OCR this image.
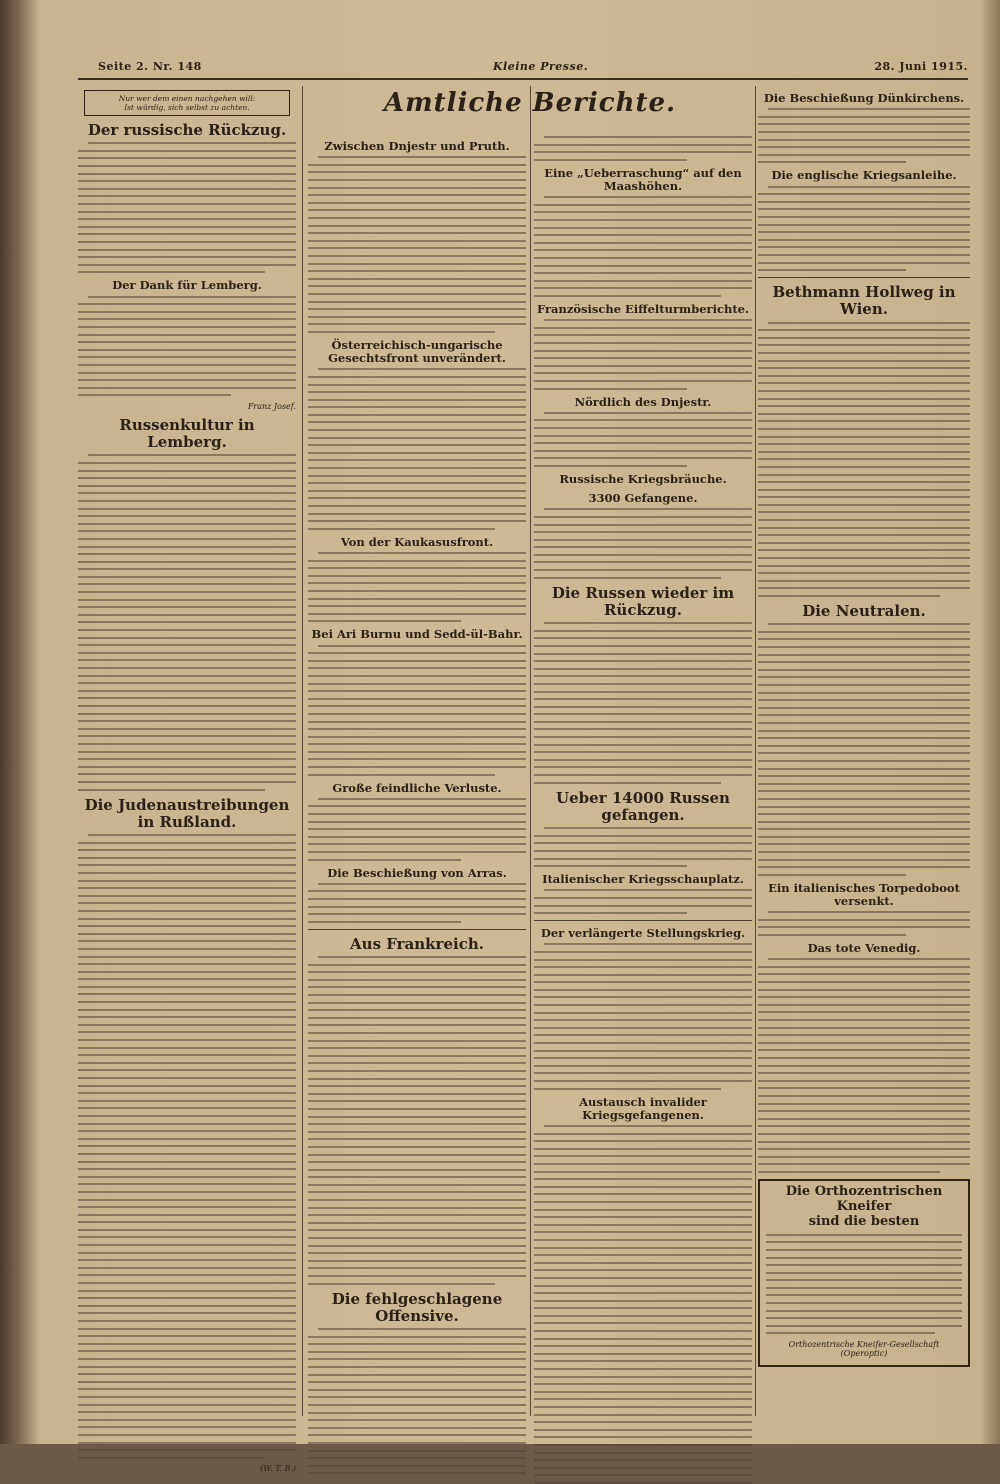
Seite 2. Nr. 148	Kleine Presse.	28. Juni 1915.
Amtliche Berichte.
Nur wer dem einen nachgehen will:
Ist würdig, sich selbst zu achten.
Der russische Rückzug.
Der Dank für Lemberg.
Franz Josef.
Russenkultur in Lemberg.
Die Judenaustreibungen in Rußland.
(W. T. B.)
Zwischen Dnjestr und Pruth.
Österreichisch-ungarische Gesechtsfront unverändert.
Von der Kaukasusfront.
Bei Ari Burnu und Sedd-ül-Bahr.
Große feindliche Verluste.
Die Beschießung von Arras.
Aus Frankreich.
Die fehlgeschlagene Offensive.
Eine „Ueberraschung“ auf den Maashöhen.
Französische Eiffelturmberichte.
Nördlich des Dnjestr.
Russische Kriegsbräuche.
3300 Gefangene.
Die Russen wieder im Rückzug.
Ueber 14000 Russen gefangen.
Italienischer Kriegsschauplatz.
Der verlängerte Stellungskrieg.
Austausch invalider Kriegsgefangenen.
Die Beschießung Dünkirchens.
Die englische Kriegsanleihe.
Bethmann Hollweg in Wien.
Die Neutralen.
Ein italienisches Torpedoboot versenkt.
Das tote Venedig.
Die Orthozentrischen Kneifer
sind die besten
Orthozentrische Kneifer-Gesellschaft (Operoptic)
